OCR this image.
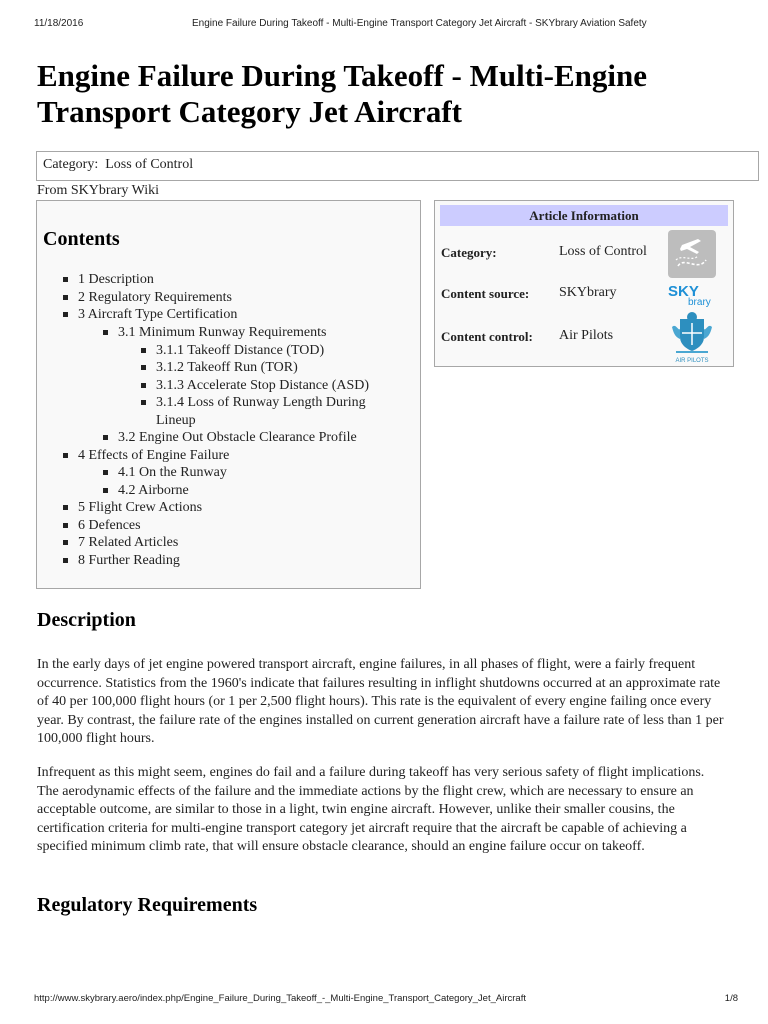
11/18/2016	Engine Failure During Takeoff - Multi-Engine Transport Category Jet Aircraft - SKYbrary Aviation Safety
Engine Failure During Takeoff - Multi-Engine Transport Category Jet Aircraft
Category: Loss of Control
From SKYbrary Wiki
Contents
1 Description
2 Regulatory Requirements
3 Aircraft Type Certification
3.1 Minimum Runway Requirements
3.1.1 Takeoff Distance (TOD)
3.1.2 Takeoff Run (TOR)
3.1.3 Accelerate Stop Distance (ASD)
3.1.4 Loss of Runway Length During
Lineup
3.2 Engine Out Obstacle Clearance Profile
4 Effects of Engine Failure
4.1 On the Runway
4.2 Airborne
5 Flight Crew Actions
6 Defences
7 Related Articles
8 Further Reading
Article Information
Category:	Loss of Control
Content source: SKYbrary	SKY
brary
Content control: Air Pilots
AIR PILOTS
Description

In the early days of jet engine powered transport aircraft, engine failures, in all phases of flight, were a fairly frequent occurrence. Statistics from the 1960's indicate that failures resulting in inflight shutdowns occurred at an approximate rate of 40 per 100,000 flight hours (or 1 per 2,500 flight hours). This rate is the equivalent of every engine failing once every year. By contrast, the failure rate of the engines installed on current generation aircraft have a failure rate of less than 1 per 100,000 flight hours.

Infrequent as this might seem, engines do fail and a failure during takeoff has very serious safety of flight implications. The aerodynamic effects of the failure and the immediate actions by the flight crew, which are necessary to ensure an acceptable outcome, are similar to those in a light, twin engine aircraft. However, unlike their smaller cousins, the certification criteria for multi-engine transport category jet aircraft require that the aircraft be capable of achieving a specified minimum climb rate, that will ensure obstacle clearance, should an engine failure occur on takeoff.

Regulatory Requirements
http://www.skybrary.aero/index.php/Engine_Failure_During_Takeoff_-_Multi-Engine_Transport_Category_Jet_Aircraft	1/8
